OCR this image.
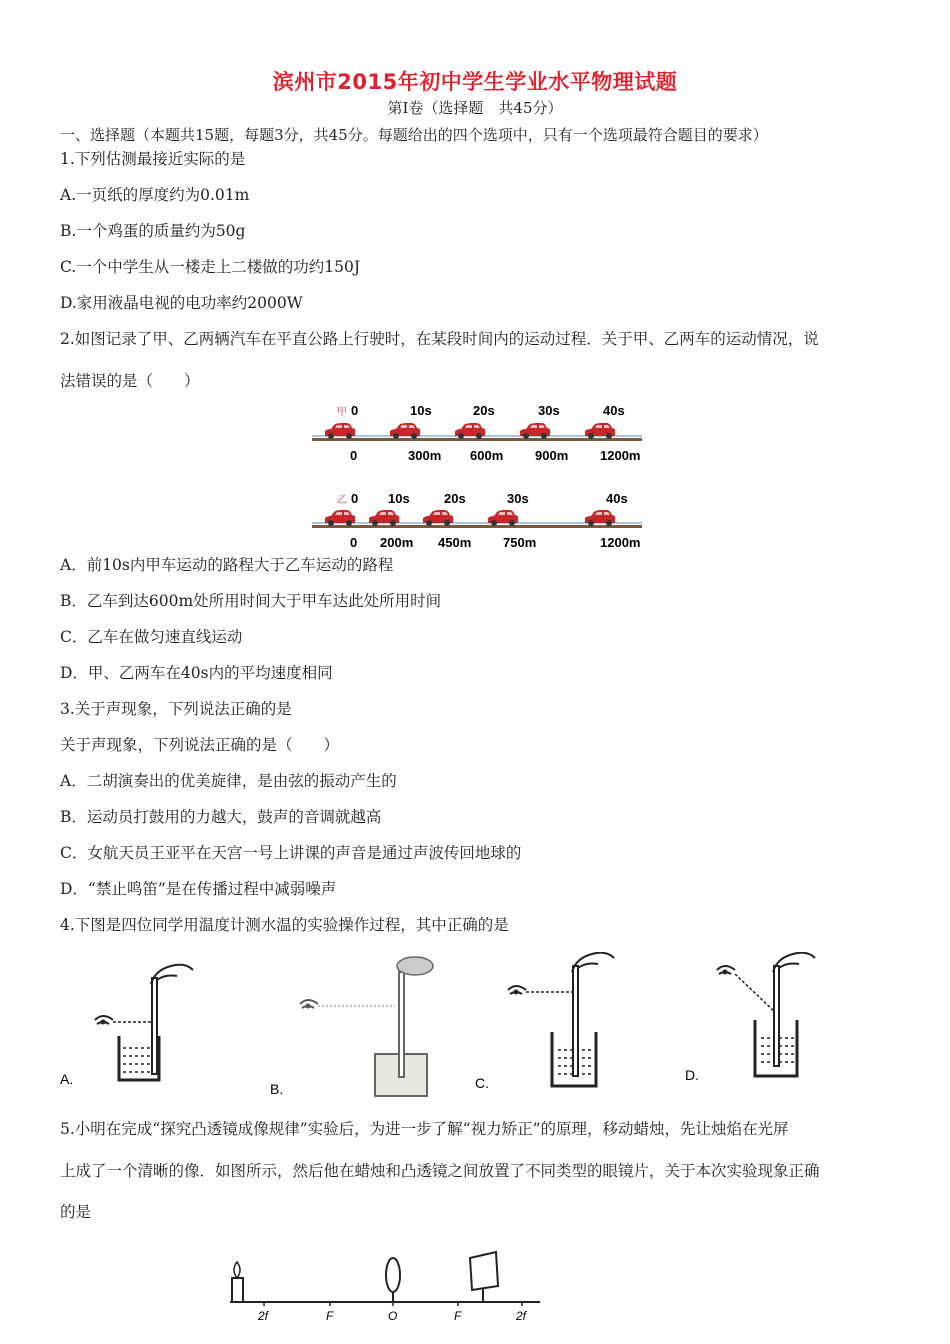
滨州市2015年初中学生学业水平物理试题
第Ⅰ卷（选择题　共45分）
一、选择题（本题共15题，每题3分，共45分。每题给出的四个选项中，只有一个选项最符合题目的要求）
1.下列估测最接近实际的是
A.一页纸的厚度约为0.01m
B.一个鸡蛋的质量约为50g
C.一个中学生从一楼走上二楼做的功约150J
D.家用液晶电视的电功率约2000W
2.如图记录了甲、乙两辆汽车在平直公路上行驶时，在某段时间内的运动过程．关于甲、乙两车的运动情况，说
法错误的是（　　）
甲 0	10s	20s	30s	40s
0	300m 600m 900m 1200m
乙 0 10s	20s	30s	40s
0 200m 450m 750m	1200m
A．前10s内甲车运动的路程大于乙车运动的路程
B．乙车到达600m处所用时间大于甲车达此处所用时间
C．乙车在做匀速直线运动
D．甲、乙两车在40s内的平均速度相同
3.关于声现象，下列说法正确的是
关于声现象，下列说法正确的是（　　）
A．二胡演奏出的优美旋律，是由弦的振动产生的
B．运动员打鼓用的力越大，鼓声的音调就越高
C．女航天员王亚平在天宫一号上讲课的声音是通过声波传回地球的
D．“禁止鸣笛”是在传播过程中减弱噪声
4.下图是四位同学用温度计测水温的实验操作过程，其中正确的是
A.
B.	C.	D.
5.小明在完成“探究凸透镜成像规律”实验后，为进一步了解“视力矫正”的原理，移动蜡烛，先让烛焰在光屏
上成了一个清晰的像．如图所示，然后他在蜡烛和凸透镜之间放置了不同类型的眼镜片，关于本次实验现象正确
的是
2f	F	O	F	2f
